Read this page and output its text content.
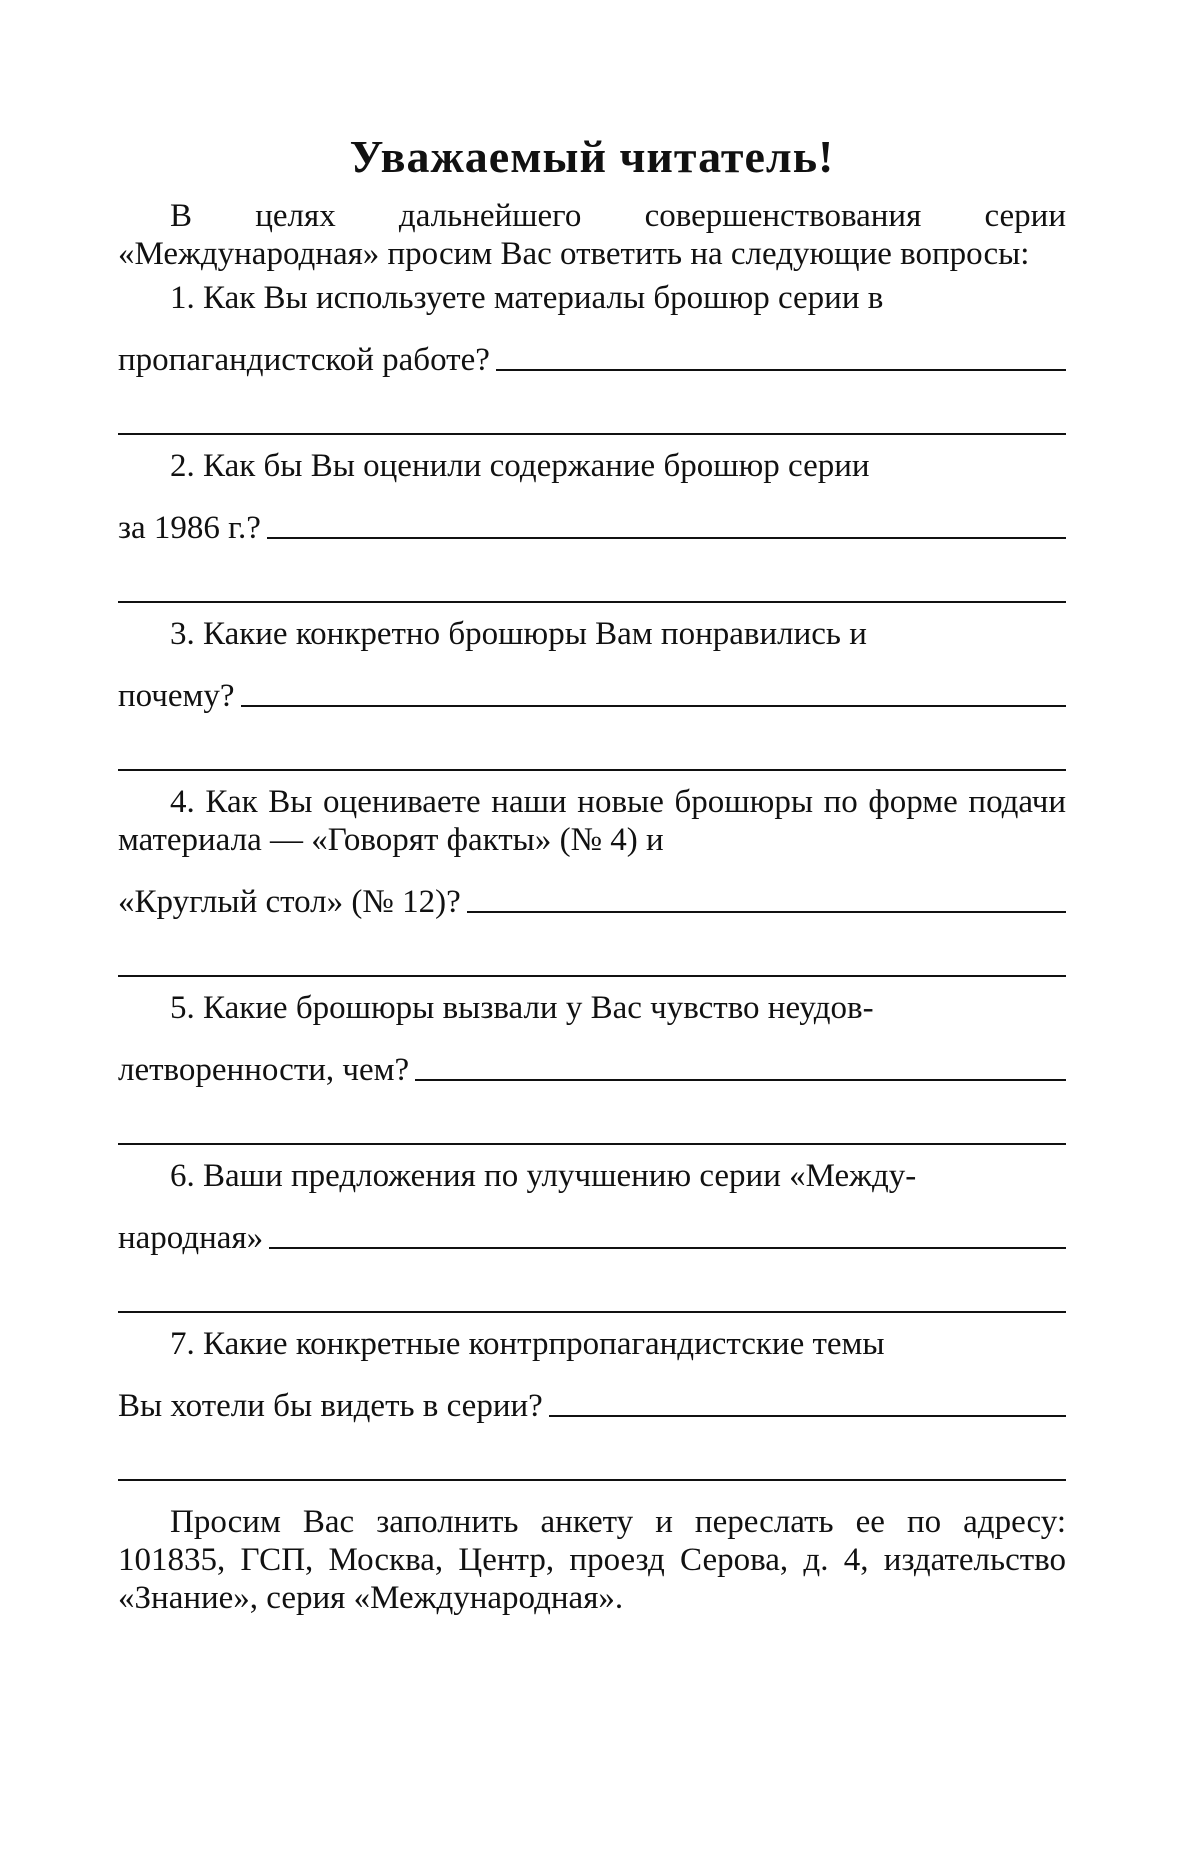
Уважаемый читатель!
В целях дальнейшего совершенствования серии «Международная» просим Вас ответить на следующие вопросы:
1. Как Вы используете материалы брошюр серии в
пропагандистской работе?
2. Как бы Вы оценили содержание брошюр серии
за 1986 г.?
3. Какие конкретно брошюры Вам понравились и
почему?
4. Как Вы оцениваете наши новые брошюры по форме подачи материала — «Говорят факты» (№ 4) и
«Круглый стол» (№ 12)?
5. Какие брошюры вызвали у Вас чувство неудов-
летворенности, чем?
6. Ваши предложения по улучшению серии «Между-
народная»
7. Какие конкретные контрпропагандистские темы
Вы хотели бы видеть в серии?
Просим Вас заполнить анкету и переслать ее по адресу: 101835, ГСП, Москва, Центр, проезд Серова, д. 4, издательство «Знание», серия «Международная».
